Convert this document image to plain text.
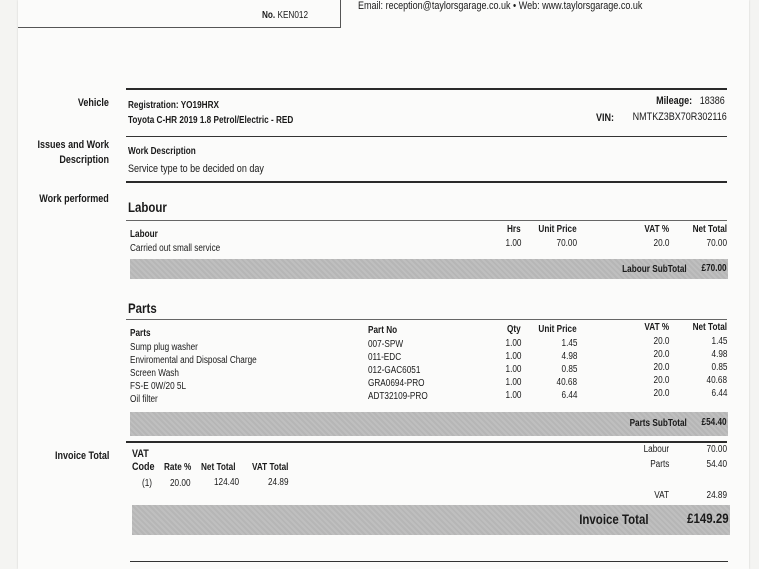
No. KEN012
Email: reception@taylorsgarage.co.uk • Web: www.taylorsgarage.co.uk
Vehicle Registration: YO19HRX
Toyota C-HR 2019 1.8 Petrol/Electric - RED
Mileage: 18386
VIN: NMTKZ3BX70R302116
Issues and Work Description
Work Description
Service type to be decided on day
Work performed Labour
Labour	Hrs Unit Price	VAT % Net Total
Carried out small service	1.00	70.00	20.0	70.00
Labour SubTotal £70.00
Parts
Parts	Part No	Qty Unit Price	VAT % Net Total
Sump plug washer	007-SPW	1.00	1.45	20.0	1.45
Enviromental and Disposal Charge	011-EDC	1.00	4.98	20.0	4.98
Screen Wash	012-GAC6051	1.00	0.85	20.0	0.85
FS-E 0W/20 5L	GRA0694-PRO	1.00	40.68	20.0	40.68
Oil filter	ADT32109-PRO	1.00	6.44	20.0	6.44
Parts SubTotal £54.40
Invoice Total VAT Code Rate % Net Total VAT Total
(1) 20.00 124.40	24.89
Labour	70.00
Parts	54.40
VAT	24.89
Invoice Total	£149.29
